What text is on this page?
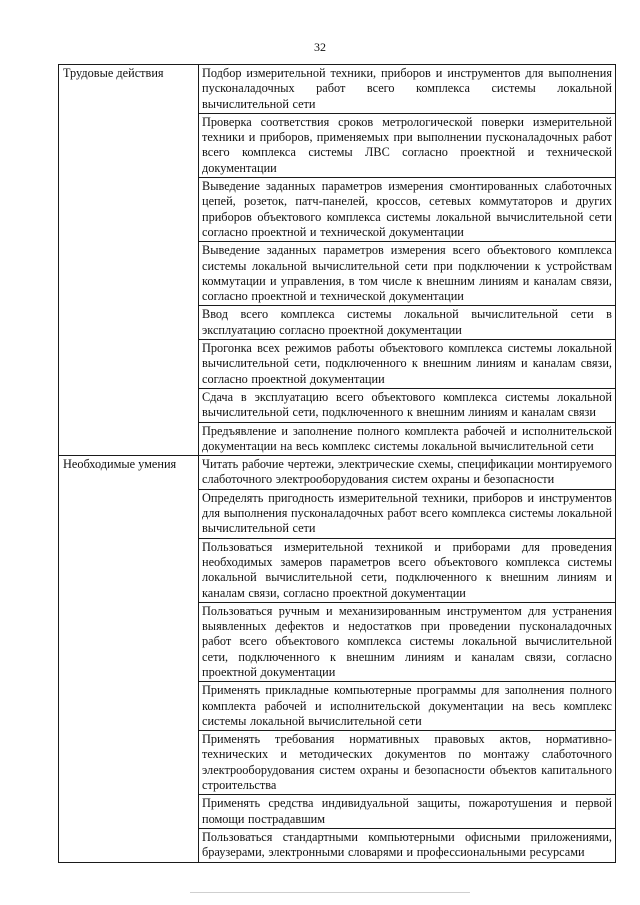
32
Трудовые действия	Подбор измерительной техники, приборов и инструментов для выполнения пусконаладочных работ всего комплекса системы локальной вычислительной сети
	Проверка соответствия сроков метрологической поверки измерительной техники и приборов, применяемых при выполнении пусконаладочных работ всего комплекса системы ЛВС согласно проектной и технической документации
	Выведение заданных параметров измерения смонтированных слаботочных цепей, розеток, патч-панелей, кроссов, сетевых коммутаторов и других приборов объектового комплекса системы локальной вычислительной сети согласно проектной и технической документации
	Выведение заданных параметров измерения всего объектового комплекса системы локальной вычислительной сети при подключении к устройствам коммутации и управления, в том числе к внешним линиям и каналам связи, согласно проектной и технической документации
	Ввод всего комплекса системы локальной вычислительной сети в эксплуатацию согласно проектной документации
	Прогонка всех режимов работы объектового комплекса системы локальной вычислительной сети, подключенного к внешним линиям и каналам связи, согласно проектной документации
	Сдача в эксплуатацию всего объектового комплекса системы локальной вычислительной сети, подключенного к внешним линиям и каналам связи
	Предъявление и заполнение полного комплекта рабочей и исполнительской документации на весь комплекс системы локальной вычислительной сети
Необходимые умения	Читать рабочие чертежи, электрические схемы, спецификации монтируемого слаботочного электрооборудования систем охраны и безопасности
	Определять пригодность измерительной техники, приборов и инструментов для выполнения пусконаладочных работ всего комплекса системы локальной вычислительной сети
	Пользоваться измерительной техникой и приборами для проведения необходимых замеров параметров всего объектового комплекса системы локальной вычислительной сети, подключенного к внешним линиям и каналам связи, согласно проектной документации
	Пользоваться ручным и механизированным инструментом для устранения выявленных дефектов и недостатков при проведении пусконаладочных работ всего объектового комплекса системы локальной вычислительной сети, подключенного к внешним линиям и каналам связи, согласно проектной документации
	Применять прикладные компьютерные программы для заполнения полного комплекта рабочей и исполнительской документации на весь комплекс системы локальной вычислительной сети
	Применять требования нормативных правовых актов, нормативно-технических и методических документов по монтажу слаботочного электрооборудования систем охраны и безопасности объектов капитального строительства
	Применять средства индивидуальной защиты, пожаротушения и первой помощи пострадавшим
	Пользоваться стандартными компьютерными офисными приложениями, браузерами, электронными словарями и профессиональными ресурсами
